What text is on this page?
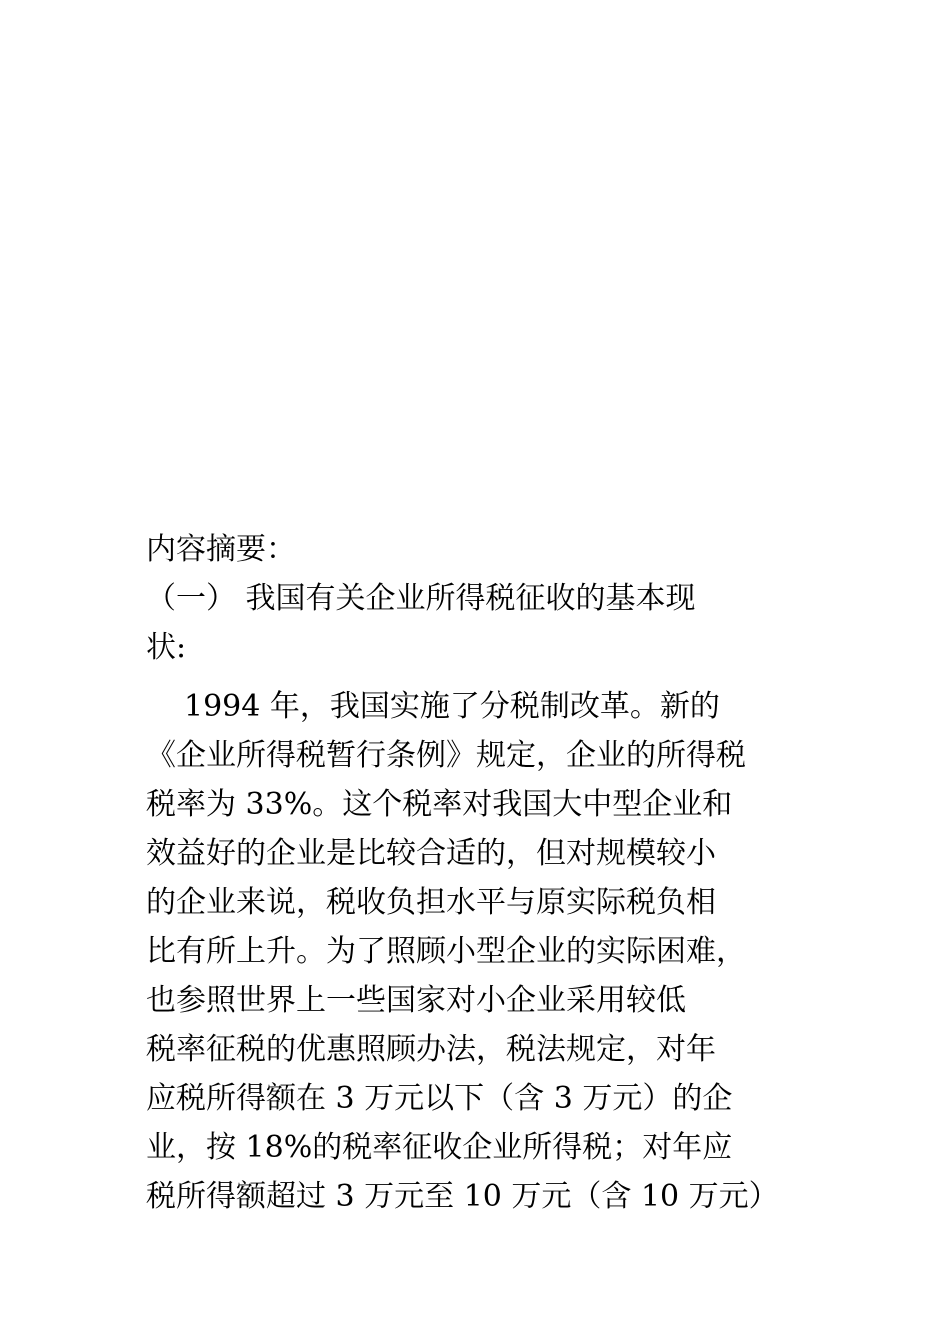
内容摘要：
（一） 我国有关企业所得税征收的基本现
状:
1994 年，我国实施了分税制改革。新的
《企业所得税暂行条例》规定，企业的所得税
税率为 33%。这个税率对我国大中型企业和
效益好的企业是比较合适的，但对规模较小
的企业来说，税收负担水平与原实际税负相
比有所上升。为了照顾小型企业的实际困难，
也参照世界上一些国家对小企业采用较低
税率征税的优惠照顾办法，税法规定，对年
应税所得额在 3 万元以下（含 3 万元）的企
业，按 18%的税率征收企业所得税；对年应
税所得额超过 3 万元至 10 万元（含 10 万元）
